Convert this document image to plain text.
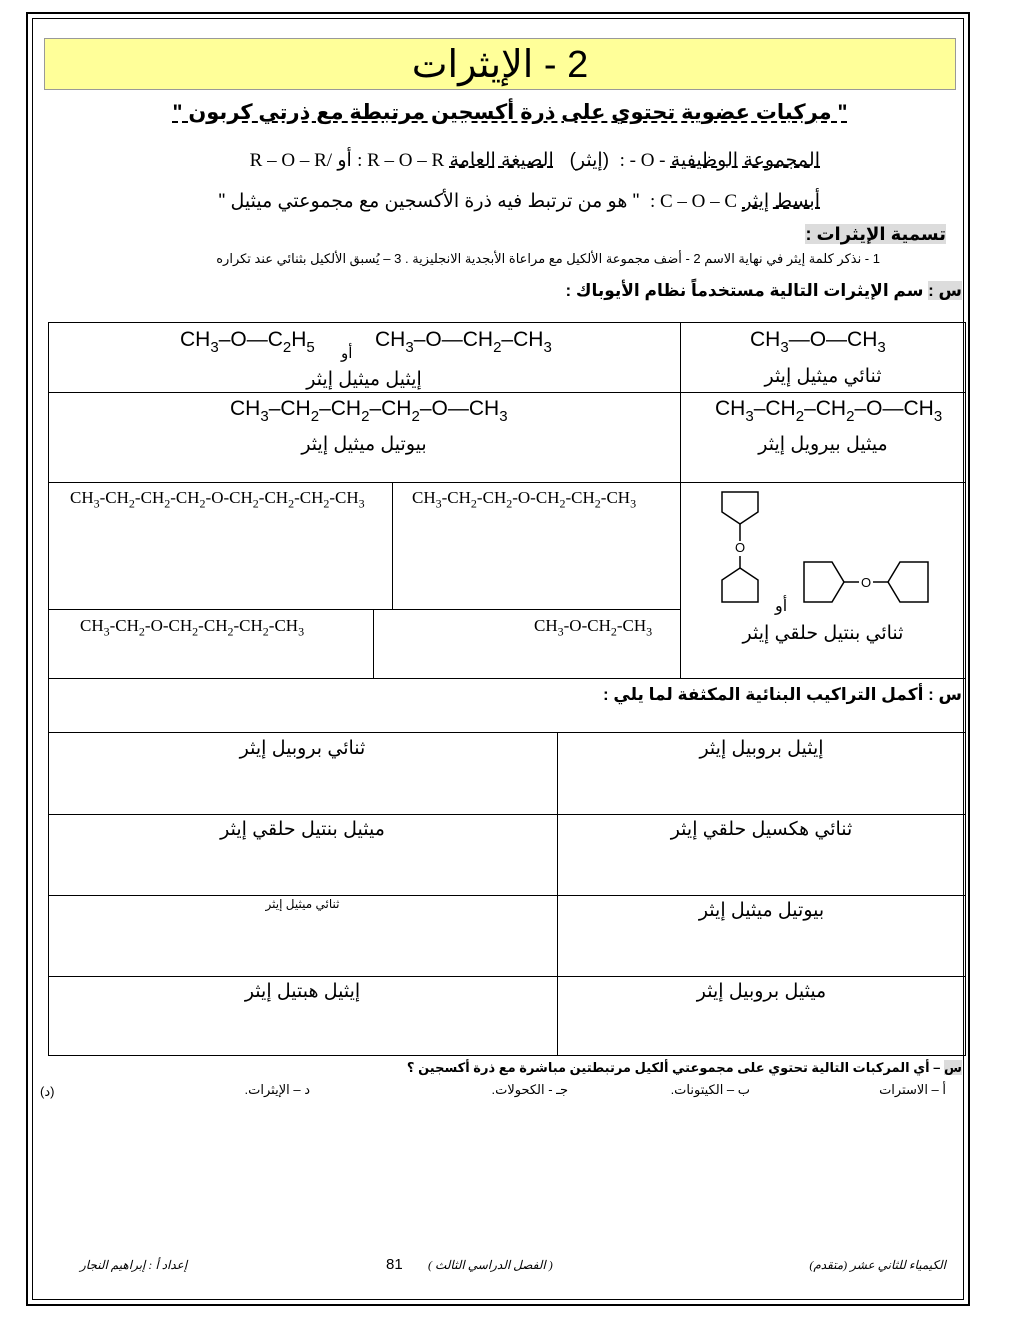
2 - الإيثرات
" مركبات عضوية تحتوي على ذرة أكسجين مرتبطة مع ذرتي كربون "
المجموعة الوظيفية : - O -  (إيثر)   الصيغة العامة : R – O – R أو R – O – R/
أبسط إيثر : C – O – C  " هو من ترتبط فيه ذرة الأكسجين مع مجموعتي ميثيل "
تسمية الإيثرات :
1 - نذكر كلمة إيثر في نهاية الاسم 2 - أضف مجموعة الألكيل مع مراعاة الأبجدية الانجليزية . 3 – يُسبق الألكيل بثنائي عند تكراره
س : سم الإيثرات التالية مستخدماً نظام الأيوباك :
$CH_3—O—CH_3$
ثنائي ميثيل إيثر
$CH_3-O—C_2H_5$ أو
$CH_3-O—CH_2-CH_3$
إيثيل ميثيل إيثر
$CH_3-CH_2-CH_2-O—CH_3$
ميثيل بيرويل إيثر
$CH_3-CH_2-CH_2-CH_2-O—CH_3$
بيوتيل ميثيل إيثر
$CH_3-CH_2-CH_2-CH_2-O-CH_2-CH_2-CH_2-CH_3$	$CH_3-CH_2-CH_2-O-CH_2-CH_2-CH_3$
O
O
أو
ثنائي بنتيل حلقي إيثر
$CH_3-CH_2-O-CH_2-CH_2-CH_2-CH_3$	$CH_3-O-CH_2-CH_3$
س : أكمل التراكيب البنائية المكثفة لما يلي :
إيثيل بروبيل إيثر
ثنائي بروبيل إيثر
ثنائي هكسيل حلقي إيثر
ميثيل بنتيل حلقي إيثر
بيوتيل ميثيل إيثر
ثنائي ميثيل إيثر
ميثيل بروبيل إيثر
إيثيل هبتيل إيثر
س – أي المركبات التالية تحتوي على مجموعتي ألكيل مرتبطتين مباشرة مع ذرة أكسجين ؟
أ – الاسترات
ب – الكيتونات.
جـ - الكحولات.
د – الإيثرات.
(د)
الكيمياء للثاني عشر (متقدم)
( الفصل الدراسي الثالث )
81
إعداد أ : إبراهيم النجار
